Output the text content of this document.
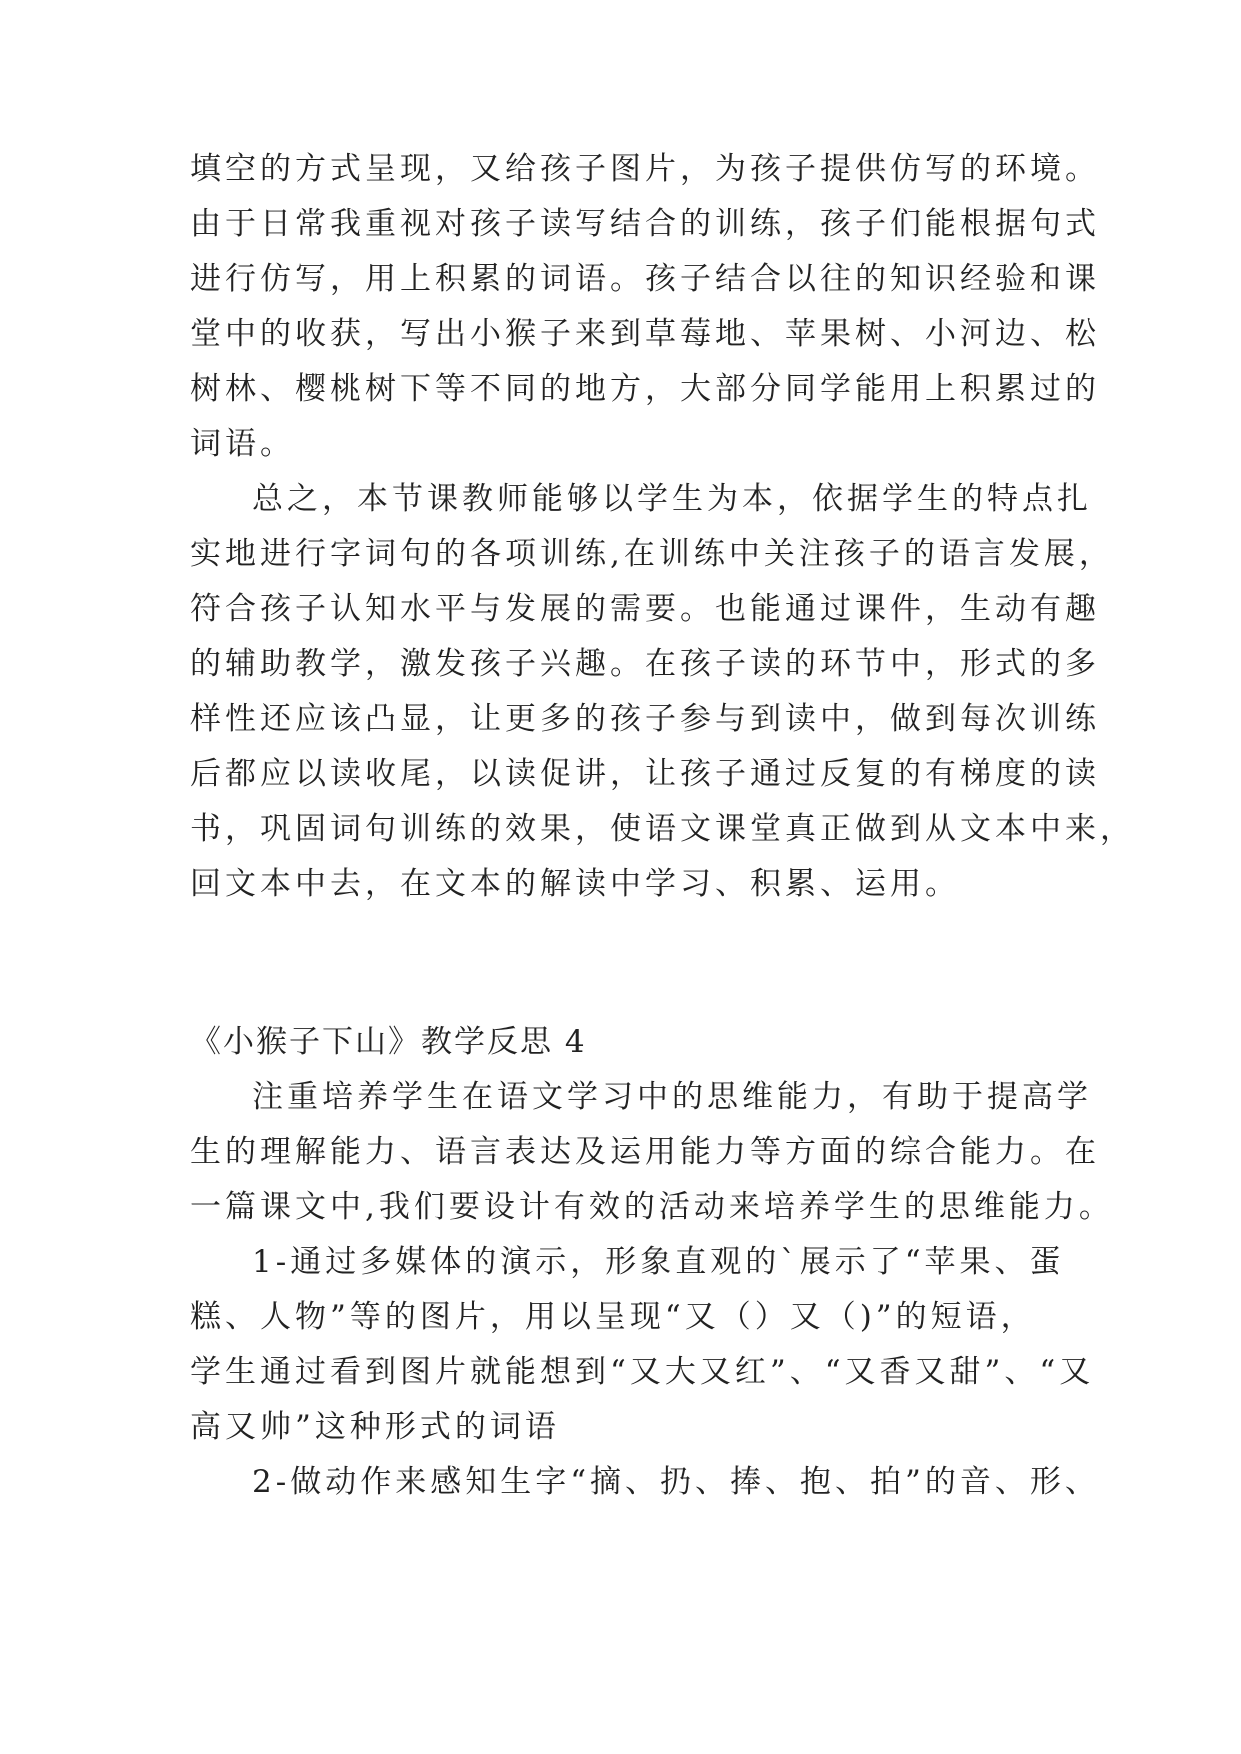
填空的方式呈现，又给孩子图片，为孩子提供仿写的环境。
由于日常我重视对孩子读写结合的训练，孩子们能根据句式
进行仿写，用上积累的词语。孩子结合以往的知识经验和课
堂中的收获，写出小猴子来到草莓地、苹果树、小河边、松
树林、樱桃树下等不同的地方，大部分同学能用上积累过的
词语。
总之，本节课教师能够以学生为本，依据学生的特点扎
实地进行字词句的各项训练,在训练中关注孩子的语言发展，
符合孩子认知水平与发展的需要。也能通过课件，生动有趣
的辅助教学，激发孩子兴趣。在孩子读的环节中，形式的多
样性还应该凸显，让更多的孩子参与到读中，做到每次训练
后都应以读收尾，以读促讲，让孩子通过反复的有梯度的读
书，巩固词句训练的效果，使语文课堂真正做到从文本中来，
回文本中去，在文本的解读中学习、积累、运用。
《小猴子下山》教学反思 4
注重培养学生在语文学习中的思维能力，有助于提高学
生的理解能力、语言表达及运用能力等方面的综合能力。在
一篇课文中,我们要设计有效的活动来培养学生的思维能力。
1-通过多媒体的演示，形象直观的`展示了“苹果、蛋
糕、人物”等的图片，用以呈现“又（）又（)”的短语，
学生通过看到图片就能想到“又大又红”、“又香又甜”、“又
高又帅”这种形式的词语
2-做动作来感知生字“摘、扔、捧、抱、拍”的音、形、
